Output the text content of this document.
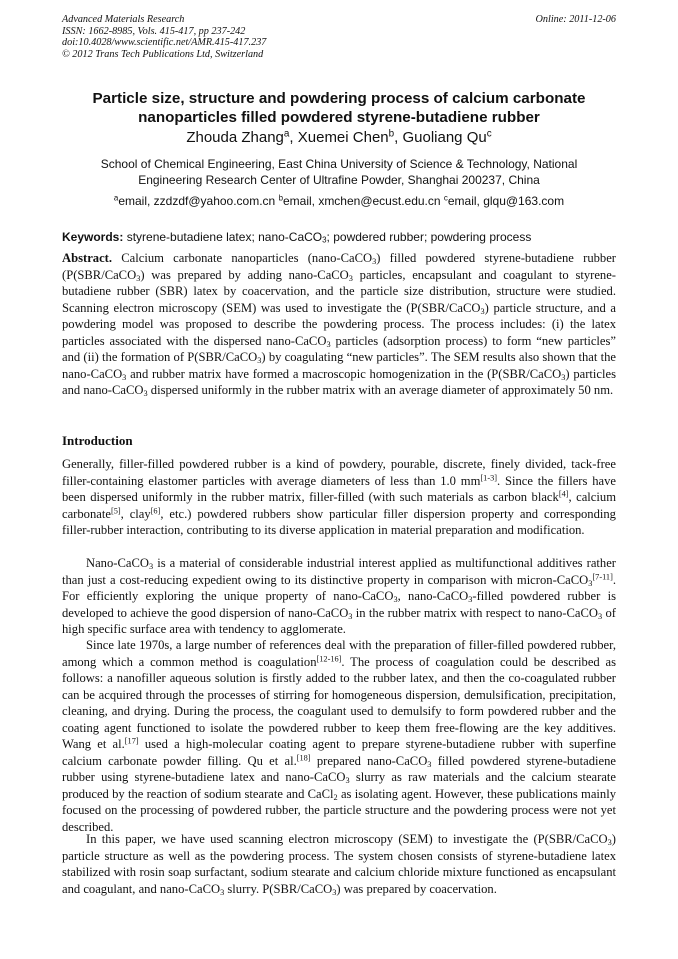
Advanced Materials Research
ISSN: 1662-8985, Vols. 415-417, pp 237-242
doi:10.4028/www.scientific.net/AMR.415-417.237
© 2012 Trans Tech Publications Ltd, Switzerland
Online: 2011-12-06
Particle size, structure and powdering process of calcium carbonate
nanoparticles filled powdered styrene-butadiene rubber
Zhouda Zhang$^a$, Xuemei Chen$^b$, Guoliang Qu$^c$
School of Chemical Engineering, East China University of Science & Technology, National
Engineering Research Center of Ultrafine Powder, Shanghai 200237, China
$^a$email, zzdzdf@yahoo.com.cn $^b$email, xmchen@ecust.edu.cn $^c$email, glqu@163.com
Keywords: styrene-butadiene latex; nano-CaCO$_3$; powdered rubber; powdering process
Abstract. Calcium carbonate nanoparticles (nano-CaCO$_3$) filled powdered styrene-butadiene rubber (P(SBR/CaCO$_3$) was prepared by adding nano-CaCO$_3$ particles, encapsulant and coagulant to styrene-butadiene rubber (SBR) latex by coacervation, and the particle size distribution, structure were studied. Scanning electron microscopy (SEM) was used to investigate the (P(SBR/CaCO$_3$) particle structure, and a powdering model was proposed to describe the powdering process. The process includes: (i) the latex particles associated with the dispersed nano-CaCO$_3$ particles (adsorption process) to form “new particles” and (ii) the formation of P(SBR/CaCO$_3$) by coagulating “new particles”. The SEM results also shown that the nano-CaCO$_3$ and rubber matrix have formed a macroscopic homogenization in the (P(SBR/CaCO$_3$) particles and nano-CaCO$_3$ dispersed uniformly in the rubber matrix with an average diameter of approximately 50 nm.
Introduction
Generally, filler-filled powdered rubber is a kind of powdery, pourable, discrete, finely divided, tack-free filler-containing elastomer particles with average diameters of less than 1.0 mm[1-3]. Since the fillers have been dispersed uniformly in the rubber matrix, filler-filled (with such materials as carbon black[4], calcium carbonate[5], clay[6], etc.) powdered rubbers show particular filler dispersion property and corresponding filler-rubber interaction, contributing to its diverse application in material preparation and modification.
Nano-CaCO$_3$ is a material of considerable industrial interest applied as multifunctional additives rather than just a cost-reducing expedient owing to its distinctive property in comparison with micron-CaCO$_3$[7-11]. For efficiently exploring the unique property of nano-CaCO$_3$, nano-CaCO$_3$-filled powdered rubber is developed to achieve the good dispersion of nano-CaCO$_3$ in the rubber matrix with respect to nano-CaCO$_3$ of high specific surface area with tendency to agglomerate.
Since late 1970s, a large number of references deal with the preparation of filler-filled powdered rubber, among which a common method is coagulation[12-16]. The process of coagulation could be described as follows: a nanofiller aqueous solution is firstly added to the rubber latex, and then the co-coagulated rubber can be acquired through the processes of stirring for homogeneous dispersion, demulsification, precipitation, cleaning, and drying. During the process, the coagulant used to demulsify to form powdered rubber and the coating agent functioned to isolate the powdered rubber to keep them free-flowing are the key additives. Wang et al.[17] used a high-molecular coating agent to prepare styrene-butadiene rubber with superfine calcium carbonate powder filling. Qu et al.[18] prepared nano-CaCO$_3$ filled powdered styrene-butadiene rubber using styrene-butadiene latex and nano-CaCO$_3$ slurry as raw materials and the calcium stearate produced by the reaction of sodium stearate and CaCl$_2$ as isolating agent. However, these publications mainly focused on the processing of powdered rubber, the particle structure and the powdering process were not yet described.
In this paper, we have used scanning electron microscopy (SEM) to investigate the (P(SBR/CaCO$_3$) particle structure as well as the powdering process. The system chosen consists of styrene-butadiene latex stabilized with rosin soap surfactant, sodium stearate and calcium chloride mixture functioned as encapsulant and coagulant, and nano-CaCO$_3$ slurry. P(SBR/CaCO$_3$) was prepared by coacervation.
